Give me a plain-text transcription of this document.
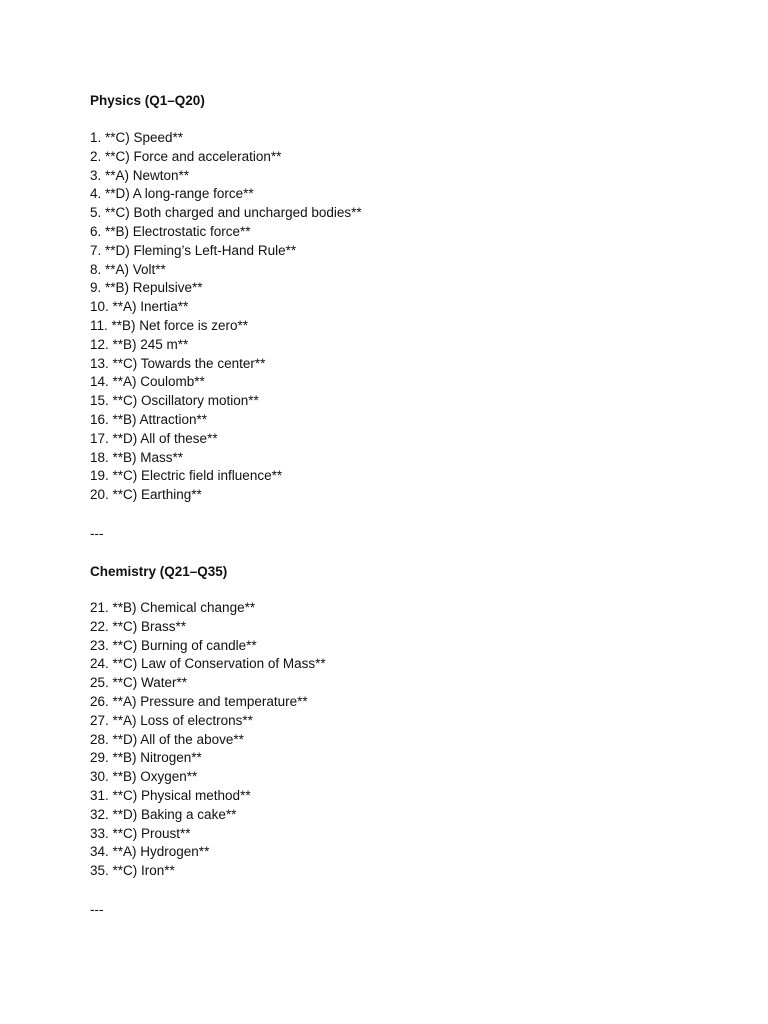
Physics (Q1–Q20)
1. **C) Speed**
2. **C) Force and acceleration**
3. **A) Newton**
4. **D) A long-range force**
5. **C) Both charged and uncharged bodies**
6. **B) Electrostatic force**
7. **D) Fleming’s Left-Hand Rule**
8. **A) Volt**
9. **B) Repulsive**
10. **A) Inertia**
11. **B) Net force is zero**
12. **B) 245 m**
13. **C) Towards the center**
14. **A) Coulomb**
15. **C) Oscillatory motion**
16. **B) Attraction**
17. **D) All of these**
18. **B) Mass**
19. **C) Electric field influence**
20. **C) Earthing**
---
Chemistry (Q21–Q35)
21. **B) Chemical change**
22. **C) Brass**
23. **C) Burning of candle**
24. **C) Law of Conservation of Mass**
25. **C) Water**
26. **A) Pressure and temperature**
27. **A) Loss of electrons**
28. **D) All of the above**
29. **B) Nitrogen**
30. **B) Oxygen**
31. **C) Physical method**
32. **D) Baking a cake**
33. **C) Proust**
34. **A) Hydrogen**
35. **C) Iron**
---
